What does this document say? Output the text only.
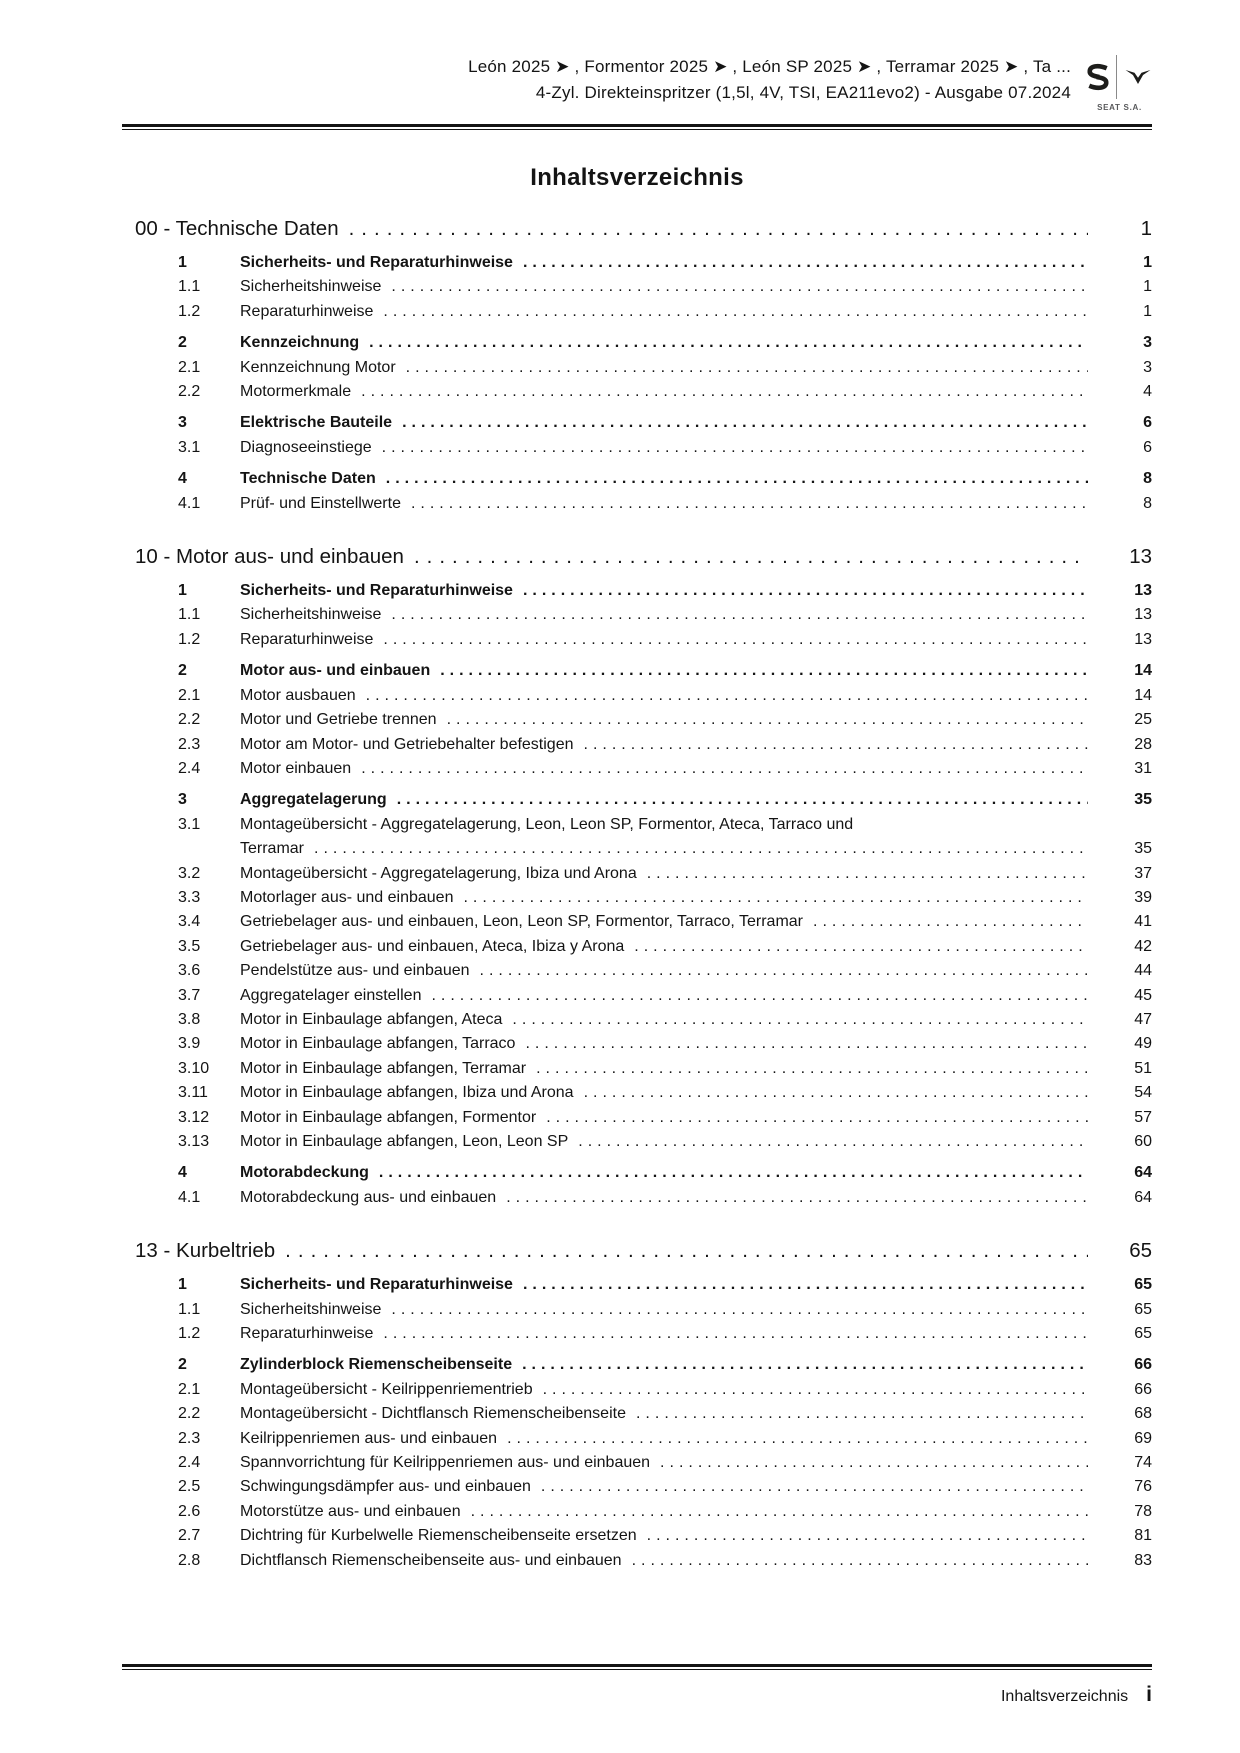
León 2025 ➤ , Formentor 2025 ➤ , León SP 2025 ➤ , Terramar 2025 ➤ , Ta ...
4-Zyl. Direkteinspritzer (1,5l, 4V, TSI, EA211evo2) - Ausgabe 07.2024
SEAT S.A.
Inhaltsverzeichnis
00 - Technische Daten .....	1
1	Sicherheits- und Reparaturhinweise .....	1
1.1	Sicherheitshinweise .....	1
1.2	Reparaturhinweise .....	1
2	Kennzeichnung .....	3
2.1	Kennzeichnung Motor .....	3
2.2	Motormerkmale .....	4
3	Elektrische Bauteile .....	6
3.1	Diagnoseeinstiege .....	6
4	Technische Daten .....	8
4.1	Prüf- und Einstellwerte .....	8
10 - Motor aus- und einbauen .....	13
1	Sicherheits- und Reparaturhinweise .....	13
1.1	Sicherheitshinweise .....	13
1.2	Reparaturhinweise .....	13
2	Motor aus- und einbauen .....	14
2.1	Motor ausbauen .....	14
2.2	Motor und Getriebe trennen .....	25
2.3	Motor am Motor- und Getriebehalter befestigen .....	28
2.4	Motor einbauen .....	31
3	Aggregatelagerung .....	35
3.1	Montageübersicht - Aggregatelagerung, Leon, Leon SP, Formentor, Ateca, Tarraco und
Terramar .....	35
3.2	Montageübersicht - Aggregatelagerung, Ibiza und Arona .....	37
3.3	Motorlager aus- und einbauen .....	39
3.4	Getriebelager aus- und einbauen, Leon, Leon SP, Formentor, Tarraco, Terramar .....	41
3.5	Getriebelager aus- und einbauen, Ateca, Ibiza y Arona .....	42
3.6	Pendelstütze aus- und einbauen .....	44
3.7	Aggregatelager einstellen .....	45
3.8	Motor in Einbaulage abfangen, Ateca .....	47
3.9	Motor in Einbaulage abfangen, Tarraco .....	49
3.10	Motor in Einbaulage abfangen, Terramar .....	51
3.11	Motor in Einbaulage abfangen, Ibiza und Arona .....	54
3.12	Motor in Einbaulage abfangen, Formentor .....	57
3.13	Motor in Einbaulage abfangen, Leon, Leon SP .....	60
4	Motorabdeckung .....	64
4.1	Motorabdeckung aus- und einbauen .....	64
13 - Kurbeltrieb .....	65
1	Sicherheits- und Reparaturhinweise .....	65
1.1	Sicherheitshinweise .....	65
1.2	Reparaturhinweise .....	65
2	Zylinderblock Riemenscheibenseite .....	66
2.1	Montageübersicht - Keilrippenriementrieb .....	66
2.2	Montageübersicht - Dichtflansch Riemenscheibenseite .....	68
2.3	Keilrippenriemen aus- und einbauen .....	69
2.4	Spannvorrichtung für Keilrippenriemen aus- und einbauen .....	74
2.5	Schwingungsdämpfer aus- und einbauen .....	76
2.6	Motorstütze aus- und einbauen .....	78
2.7	Dichtring für Kurbelwelle Riemenscheibenseite ersetzen .....	81
2.8	Dichtflansch Riemenscheibenseite aus- und einbauen .....	83
Inhaltsverzeichnis i
